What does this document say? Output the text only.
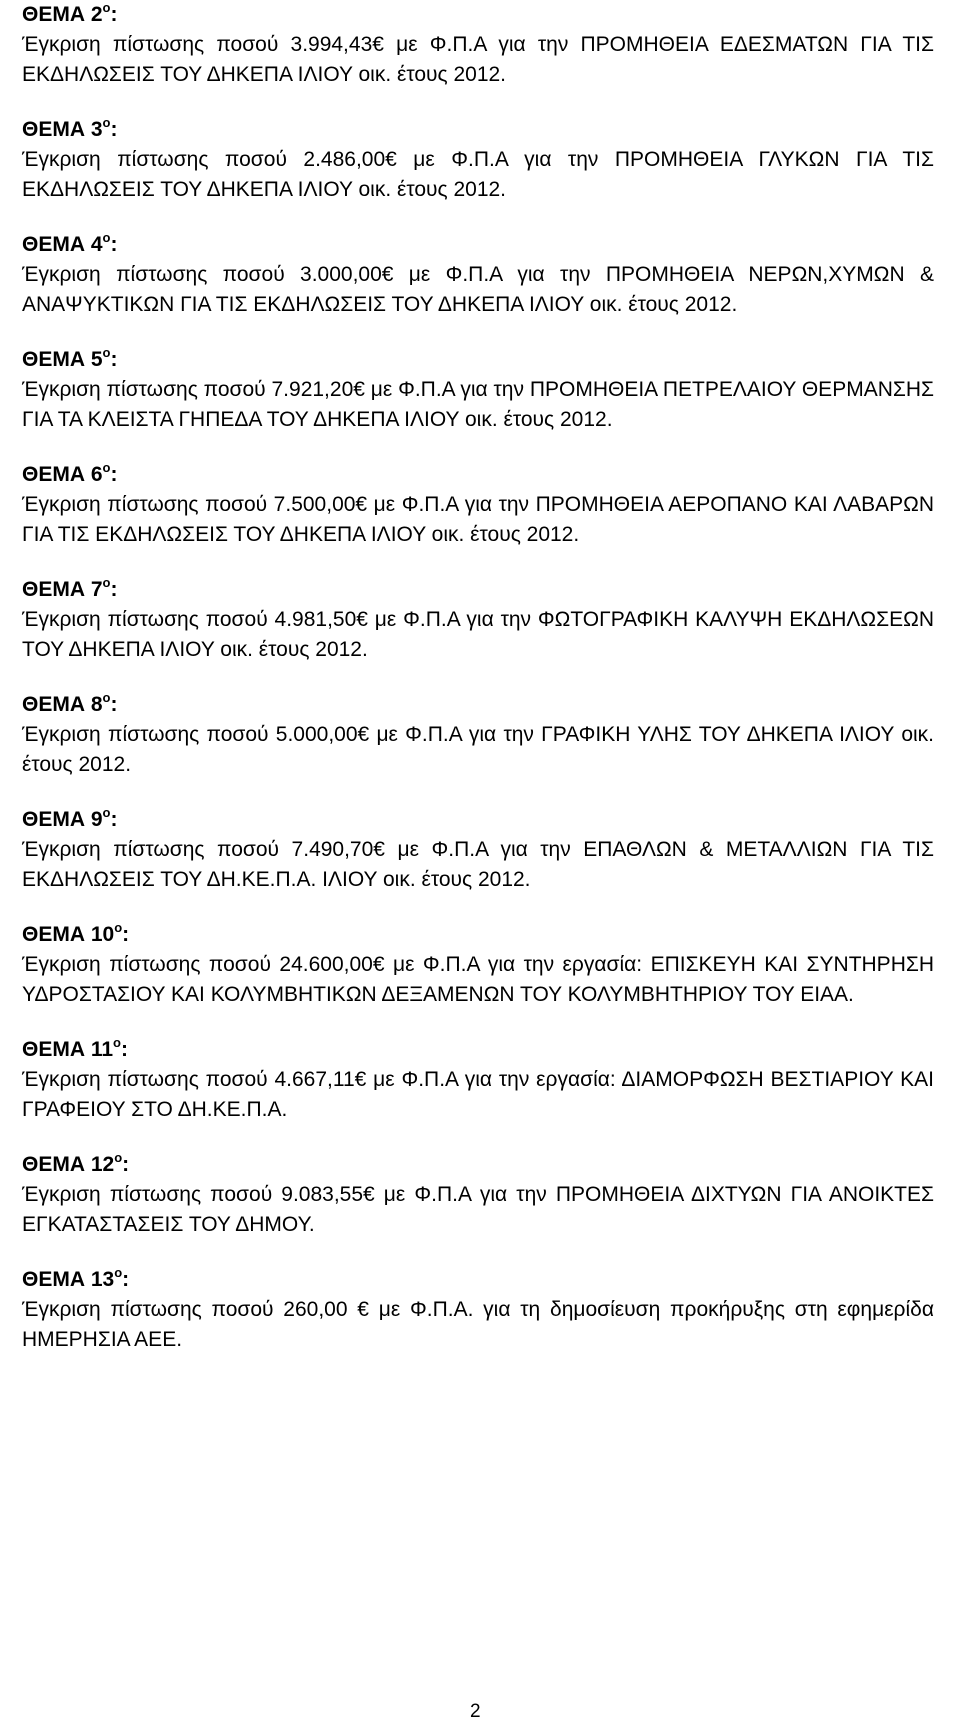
ΘΕΜΑ $2^o$:

Έγκριση πίστωσης ποσού 3.994,43€ με Φ.Π.Α για την ΠΡΟΜΗΘΕΙΑ ΕΔΕΣΜΑΤΩΝ ΓΙΑ ΤΙΣ ΕΚΔΗΛΩΣΕΙΣ ΤΟΥ ΔΗΚΕΠΑ ΙΛΙΟΥ οικ. έτους 2012.

ΘΕΜΑ $3^o$:

Έγκριση πίστωσης ποσού 2.486,00€ με Φ.Π.Α για την ΠΡΟΜΗΘΕΙΑ ΓΛΥΚΩΝ ΓΙΑ ΤΙΣ ΕΚΔΗΛΩΣΕΙΣ ΤΟΥ ΔΗΚΕΠΑ ΙΛΙΟΥ οικ. έτους 2012.

ΘΕΜΑ $4^o$:

Έγκριση πίστωσης ποσού 3.000,00€ με Φ.Π.Α για την ΠΡΟΜΗΘΕΙΑ ΝΕΡΩΝ,ΧΥΜΩΝ & ΑΝΑΨΥΚΤΙΚΩΝ ΓΙΑ ΤΙΣ ΕΚΔΗΛΩΣΕΙΣ ΤΟΥ ΔΗΚΕΠΑ ΙΛΙΟΥ οικ. έτους 2012.

ΘΕΜΑ $5^o$:

Έγκριση πίστωσης ποσού 7.921,20€ με Φ.Π.Α για την ΠΡΟΜΗΘΕΙΑ ΠΕΤΡΕΛΑΙΟΥ ΘΕΡΜΑΝΣΗΣ ΓΙΑ ΤΑ ΚΛΕΙΣΤΑ ΓΗΠΕΔΑ ΤΟΥ ΔΗΚΕΠΑ ΙΛΙΟΥ οικ. έτους 2012.

ΘΕΜΑ $6^o$:

Έγκριση πίστωσης ποσού 7.500,00€ με Φ.Π.Α για την ΠΡΟΜΗΘΕΙΑ ΑΕΡΟΠΑΝΟ ΚΑΙ ΛΑΒΑΡΩΝ ΓΙΑ ΤΙΣ ΕΚΔΗΛΩΣΕΙΣ ΤΟΥ ΔΗΚΕΠΑ ΙΛΙΟΥ οικ. έτους 2012.

ΘΕΜΑ $7^o$:

Έγκριση πίστωσης ποσού 4.981,50€ με Φ.Π.Α για την ΦΩΤΟΓΡΑΦΙΚΗ ΚΑΛΥΨΗ ΕΚΔΗΛΩΣΕΩΝ ΤΟΥ ΔΗΚΕΠΑ ΙΛΙΟΥ οικ. έτους 2012.

ΘΕΜΑ $8^o$:

Έγκριση πίστωσης ποσού 5.000,00€ με Φ.Π.Α για την ΓΡΑΦΙΚΗ ΥΛΗΣ ΤΟΥ ΔΗΚΕΠΑ ΙΛΙΟΥ οικ. έτους 2012.

ΘΕΜΑ $9^o$:

Έγκριση πίστωσης ποσού 7.490,70€ με Φ.Π.Α για την ΕΠΑΘΛΩΝ & ΜΕΤΑΛΛΙΩΝ ΓΙΑ ΤΙΣ ΕΚΔΗΛΩΣΕΙΣ ΤΟΥ ΔΗ.ΚΕ.Π.Α. ΙΛΙΟΥ οικ. έτους 2012.

ΘΕΜΑ $10^o$:

Έγκριση πίστωσης ποσού 24.600,00€ με Φ.Π.Α για την εργασία: ΕΠΙΣΚΕΥΗ ΚΑΙ ΣΥΝΤΗΡΗΣΗ ΥΔΡΟΣΤΑΣΙΟΥ ΚΑΙ ΚΟΛΥΜΒΗΤΙΚΩΝ ΔΕΞΑΜΕΝΩΝ ΤΟΥ ΚΟΛΥΜΒΗΤΗΡΙΟΥ ΤΟΥ ΕΙΑΑ.

ΘΕΜΑ $11^o$:

Έγκριση πίστωσης ποσού 4.667,11€ με Φ.Π.Α για την εργασία: ΔΙΑΜΟΡΦΩΣΗ ΒΕΣΤΙΑΡΙΟΥ ΚΑΙ ΓΡΑΦΕΙΟΥ ΣΤΟ ΔΗ.ΚΕ.Π.Α.

ΘΕΜΑ $12^o$:

Έγκριση πίστωσης ποσού 9.083,55€ με Φ.Π.Α για την ΠΡΟΜΗΘΕΙΑ ΔΙΧΤΥΩΝ ΓΙΑ ΑΝΟΙΚΤΕΣ ΕΓΚΑΤΑΣΤΑΣΕΙΣ ΤΟΥ ΔΗΜΟΥ.

ΘΕΜΑ $13^o$:

Έγκριση πίστωσης ποσού 260,00 € με Φ.Π.Α. για τη δημοσίευση προκήρυξης στη εφημερίδα ΗΜΕΡΗΣΙΑ ΑΕΕ.

2
